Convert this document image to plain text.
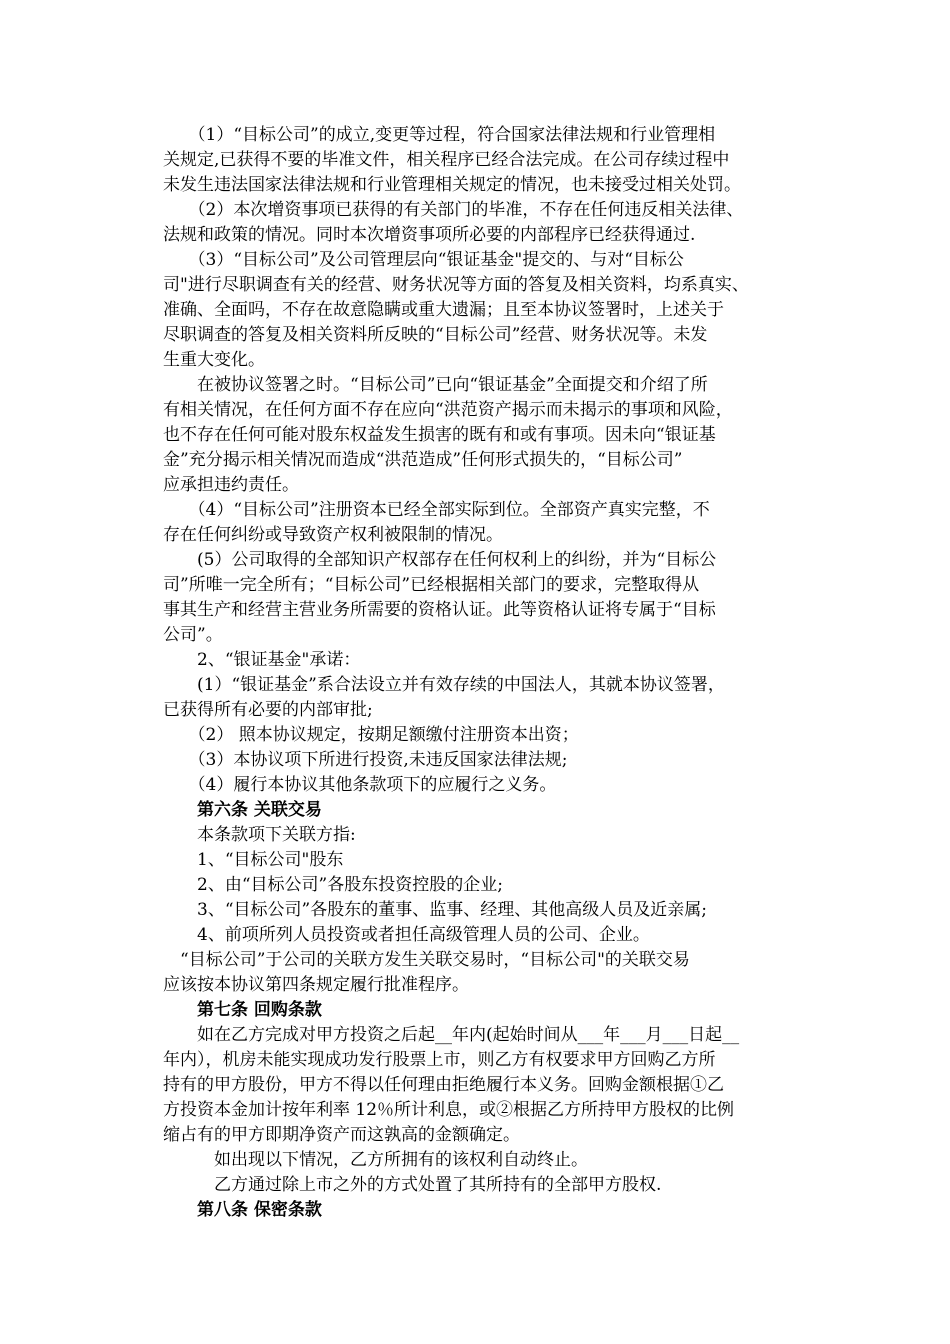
　　（1）“目标公司”的成立,变更等过程，符合国家法律法规和行业管理相
关规定,已获得不要的毕准文件，相关程序已经合法完成。在公司存续过程中
未发生违法国家法律法规和行业管理相关规定的情况，也未接受过相关处罚。
　　（2）本次增资事项已获得的有关部门的毕准，不存在任何违反相关法律、
法规和政策的情况。同时本次增资事项所必要的内部程序已经获得通过.
　　（3）“目标公司”及公司管理层向“银证基金"提交的、与对“目标公
司"进行尽职调查有关的经营、财务状况等方面的答复及相关资料，均系真实、
准确、全面吗，不存在故意隐瞒或重大遗漏；且至本协议签署时，上述关于
尽职调查的答复及相关资料所反映的“目标公司”经营、财务状况等。未发
生重大变化。
　　在被协议签署之时。“目标公司”已向“银证基金”全面提交和介绍了所
有相关情况，在任何方面不存在应向“洪范资产揭示而未揭示的事项和风险，
也不存在任何可能对股东权益发生损害的既有和或有事项。因未向“银证基
金”充分揭示相关情况而造成“洪范造成”任何形式损失的，“目标公司”
应承担违约责任。
　　（4）“目标公司”注册资本已经全部实际到位。全部资产真实完整，不
存在任何纠纷或导致资产权利被限制的情况。
　　(5）公司取得的全部知识产权部存在任何权利上的纠纷，并为“目标公
司”所唯一完全所有；“目标公司”已经根据相关部门的要求，完整取得从
事其生产和经营主营业务所需要的资格认证。此等资格认证将专属于“目标
公司”。
　　2、“银证基金"承诺：
　　(1）“银证基金”系合法设立并有效存续的中国法人，其就本协议签署，
已获得所有必要的内部审批;
　　（2） 照本协议规定，按期足额缴付注册资本出资；
　　（3）本协议项下所进行投资,未违反国家法律法规;
　　（4）履行本协议其他条款项下的应履行之义务。
　　第六条 关联交易
　　本条款项下关联方指:
　　1、“目标公司"股东
　　2、由“目标公司”各股东投资控股的企业;
　　3、“目标公司”各股东的董事、监事、经理、其他高级人员及近亲属;
　　4、前项所列人员投资或者担任高级管理人员的公司、企业。
　“目标公司”于公司的关联方发生关联交易时，“目标公司"的关联交易
应该按本协议第四条规定履行批准程序。
　　第七条 回购条款
　　如在乙方完成对甲方投资之后起__年内(起始时间从___年___月___日起__
年内），机房未能实现成功发行股票上市，则乙方有权要求甲方回购乙方所
持有的甲方股份，甲方不得以任何理由拒绝履行本义务。回购金额根据①乙
方投资本金加计按年利率 12％所计利息，或②根据乙方所持甲方股权的比例
缩占有的甲方即期净资产而这孰高的金额确定。
　　　如出现以下情况，乙方所拥有的该权利自动终止。
　　　乙方通过除上市之外的方式处置了其所持有的全部甲方股权.
　　第八条 保密条款
